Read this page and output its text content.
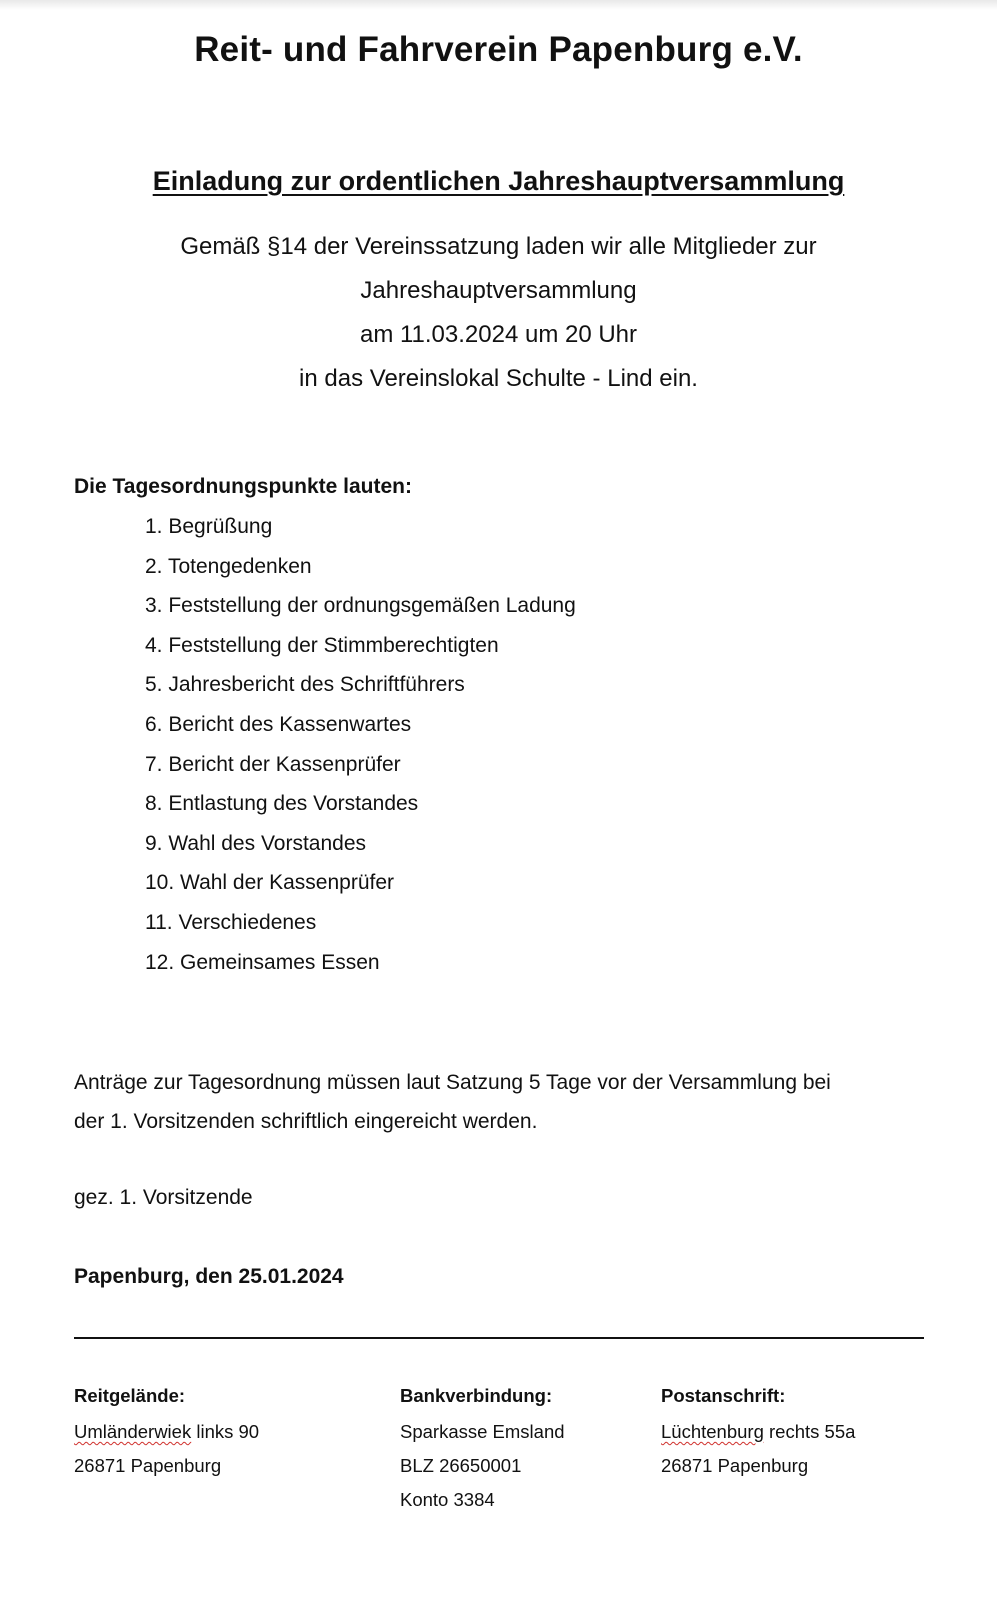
Reit- und Fahrverein Papenburg e.V.
Einladung zur ordentlichen Jahreshauptversammlung
Gemäß §14 der Vereinssatzung laden wir alle Mitglieder zur
Jahreshauptversammlung
am 11.03.2024 um 20 Uhr
in das Vereinslokal Schulte - Lind ein.
Die Tagesordnungspunkte lauten:
1. Begrüßung
2. Totengedenken
3. Feststellung der ordnungsgemäßen Ladung
4. Feststellung der Stimmberechtigten
5. Jahresbericht des Schriftführers
6. Bericht des Kassenwartes
7. Bericht der Kassenprüfer
8. Entlastung des Vorstandes
9. Wahl des Vorstandes
10. Wahl der Kassenprüfer
11. Verschiedenes
12. Gemeinsames Essen
Anträge zur Tagesordnung müssen laut Satzung 5 Tage vor der Versammlung bei
der 1. Vorsitzenden schriftlich eingereicht werden.
gez. 1. Vorsitzende
Papenburg, den 25.01.2024
Reitgelände:
Umländerwiek links 90
26871 Papenburg
Bankverbindung:
Sparkasse Emsland
BLZ 26650001
Konto 3384
Postanschrift:
Lüchtenburg rechts 55a
26871 Papenburg
